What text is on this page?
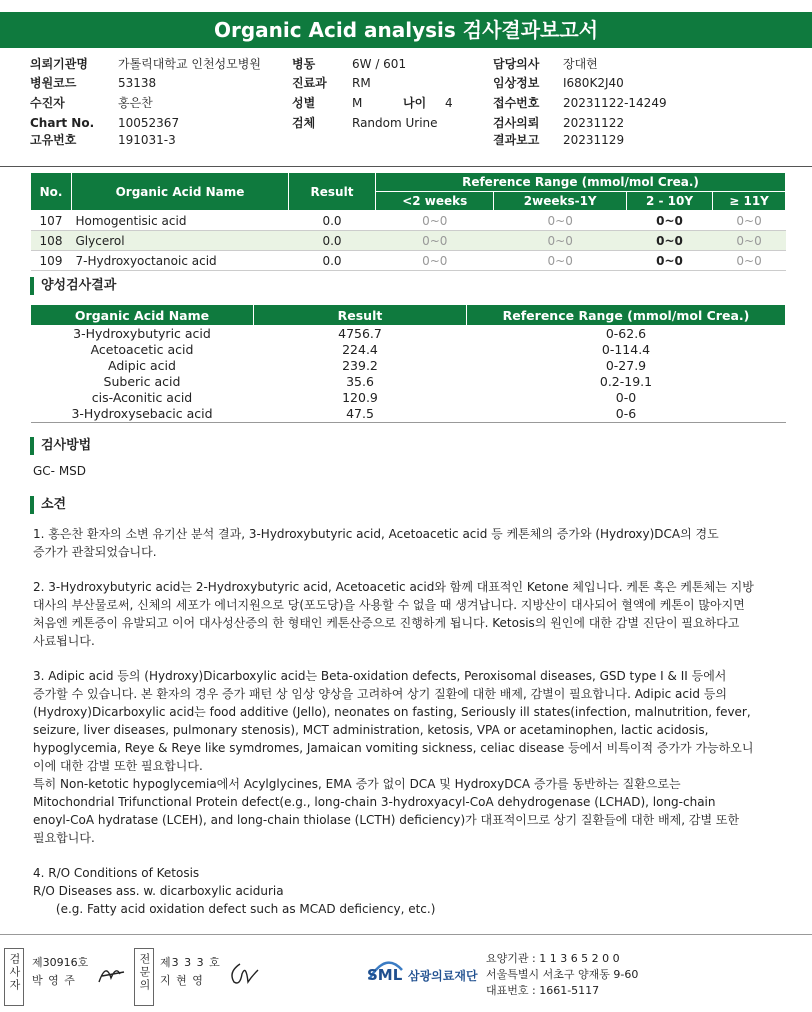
Organic Acid analysis 검사결과보고서
의뢰기관명	가톨릭대학교 인천성모병원
병원코드	53138
수진자	홍은찬
Chart No. 10052367
고유번호	191031-3
병동	6W / 601
진료과 RM
성별	M	나이 4
검체	Random Urine
담당의사 장대현
임상정보 I680K2J40
접수번호 20231122-14249
검사의뢰 20231122
결과보고 20231129
No.	Organic Acid Name	Result	Reference Range (mmol/mol Crea.)			
			<2 weeks	2weeks-1Y	2 - 10Y	≥ 11Y
107	Homogentisic acid	0.0	0~0	0~0	0~0	0~0
108	Glycerol	0.0	0~0	0~0	0~0	0~0
109	7-Hydroxyoctanoic acid	0.0	0~0	0~0	0~0	0~0
양성검사결과
Organic Acid Name	Result	Reference Range (mmol/mol Crea.)
3-Hydroxybutyric acid	4756.7	0-62.6
Acetoacetic acid	224.4	0-114.4
Adipic acid	239.2	0-27.9
Suberic acid	35.6	0.2-19.1
cis-Aconitic acid	120.9	0-0
3-Hydroxysebacic acid	47.5	0-6
검사방법

GC- MSD

소견

1. 홍은찬 환자의 소변 유기산 분석 결과, 3-Hydroxybutyric acid, Acetoacetic acid 등 케톤체의 증가와 (Hydroxy)DCA의 경도

증가가 관찰되었습니다.

2. 3-Hydroxybutyric acid는 2-Hydroxybutyric acid, Acetoacetic acid와 함께 대표적인 Ketone 체입니다. 케톤 혹은 케톤체는 지방

대사의 부산물로써, 신체의 세포가 에너지원으로 당(포도당)을 사용할 수 없을 때 생겨납니다. 지방산이 대사되어 혈액에 케톤이 많아지면

처음엔 케톤증이 유발되고 이어 대사성산증의 한 형태인 케톤산증으로 진행하게 됩니다. Ketosis의 원인에 대한 감별 진단이 필요하다고

사료됩니다.

3. Adipic acid 등의 (Hydroxy)Dicarboxylic acid는 Beta-oxidation defects, Peroxisomal diseases, GSD type I & II 등에서

증가할 수 있습니다. 본 환자의 경우 증가 패턴 상 임상 양상을 고려하여 상기 질환에 대한 배제, 감별이 필요합니다. Adipic acid 등의

(Hydroxy)Dicarboxylic acid는 food additive (Jello), neonates on fasting, Seriously ill states(infection, malnutrition, fever,

seizure, liver diseases, pulmonary stenosis), MCT administration, ketosis, VPA or acetaminophen, lactic acidosis,

hypoglycemia, Reye & Reye like symdromes, Jamaican vomiting sickness, celiac disease 등에서 비특이적 증가가 가능하오니

이에 대한 감별 또한 필요합니다.

특히 Non-ketotic hypoglycemia에서 Acylglycines, EMA 증가 없이 DCA 및 HydroxyDCA 증가를 동반하는 질환으로는

Mitochondrial Trifunctional Protein defect(e.g., long-chain 3-hydroxyacyl-CoA dehydrogenase (LCHAD), long-chain

enoyl-CoA hydratase (LCEH), and long-chain thiolase (LCTH) deficiency)가 대표적이므로 상기 질환들에 대한 배제, 감별 또한

필요합니다.

4. R/O Conditions of Ketosis

R/O Diseases ass. w. dicarboxylic aciduria

(e.g. Fatty acid oxidation defect such as MCAD deficiency, etc.)

검사자 제30916호
박 영 주	전문의 제3 3 3 호
지 현 영	SML 삼광의료재단
요양기관 : 1 1 3 6 5 2 0 0
서울특별시 서초구 양재동 9-60
대표번호 : 1661-5117
